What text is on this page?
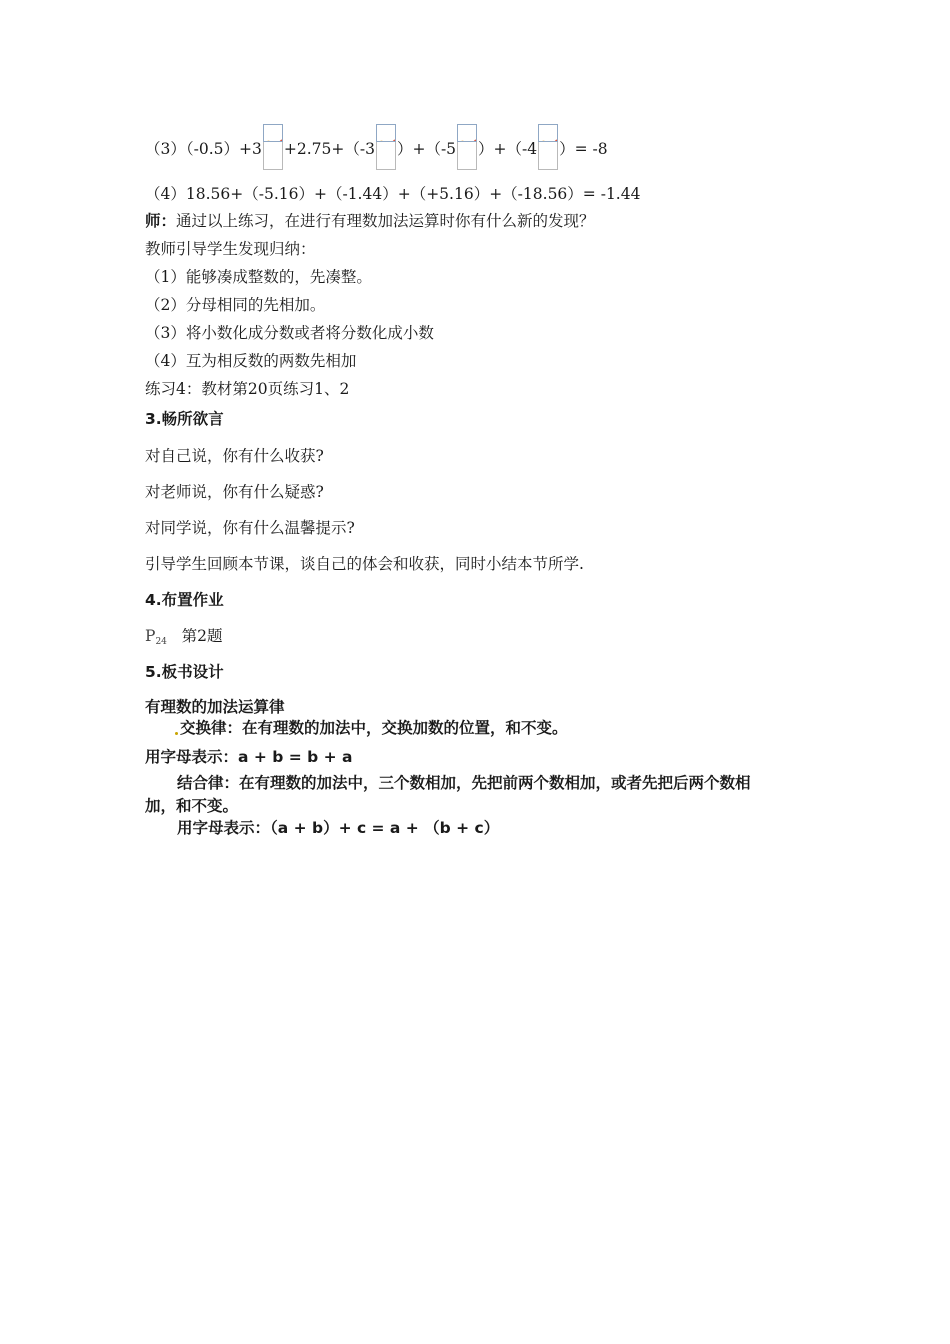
（3）（-0.5）+3 +2.75+（-3 ）+（-5 ）+（-4 ）= -8
（4）18.56+（-5.16）+（-1.44）+（+5.16）+（-18.56）= -1.44
师：通过以上练习，在进行有理数加法运算时你有什么新的发现？
教师引导学生发现归纳：
（1）能够凑成整数的，先凑整。
（2）分母相同的先相加。
（3）将小数化成分数或者将分数化成小数
（4）互为相反数的两数先相加
练习4：教材第20页练习1、2
3.畅所欲言
对自己说，你有什么收获?
对老师说，你有什么疑惑?
对同学说，你有什么温馨提示?
引导学生回顾本节课，谈自己的体会和收获，同时小结本节所学.
4.布置作业
$P_{24}$ 第2题
5.板书设计
有理数的加法运算律
交换律：在有理数的加法中，交换加数的位置，和不变。
用字母表示：a + b = b + a
结合律：在有理数的加法中，三个数相加，先把前两个数相加，或者先把后两个数相
加，和不变。
用字母表示：（a + b）+ c = a + （b + c）
